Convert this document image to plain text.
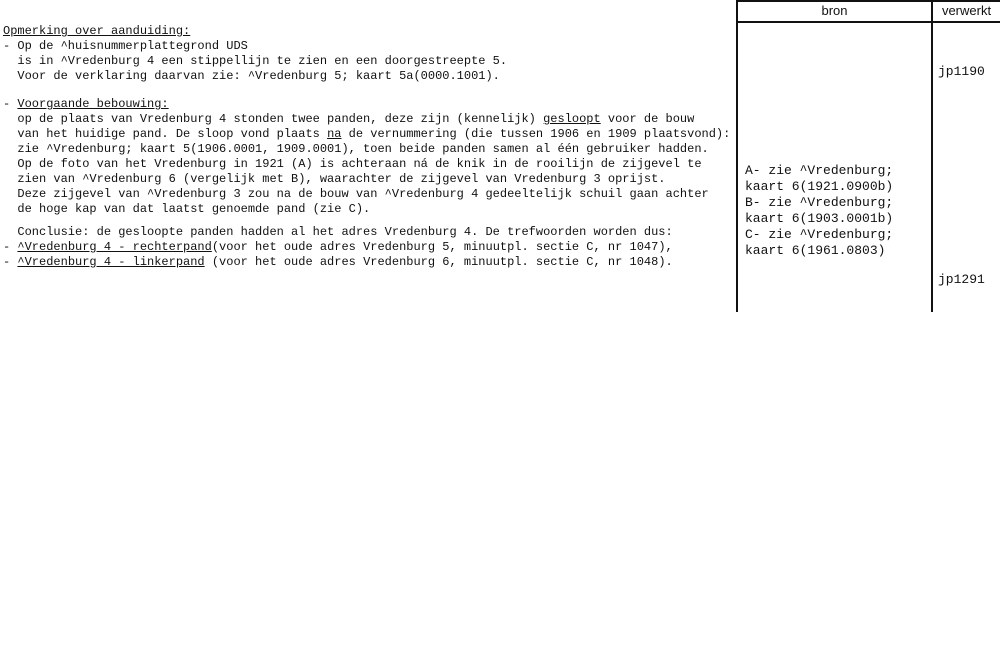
bron	verwerkt
Opmerking over aanduiding:
- Op de ^huisnummerplattegrond UDS
is in ^Vredenburg 4 een stippellijn te zien en een doorgestreepte 5.
Voor de verklaring daarvan zie: ^Vredenburg 5; kaart 5a(0000.1001).
- Voorgaande bebouwing:
op de plaats van Vredenburg 4 stonden twee panden, deze zijn (kennelijk) gesloopt voor de bouw
van het huidige pand. De sloop vond plaats na de vernummering (die tussen 1906 en 1909 plaatsvond):
zie ^Vredenburg; kaart 5(1906.0001, 1909.0001), toen beide panden samen al één gebruiker hadden.
Op de foto van het Vredenburg in 1921 (A) is achteraan ná de knik in de rooilijn de zijgevel te
zien van ^Vredenburg 6 (vergelijk met B), waarachter de zijgevel van Vredenburg 3 oprijst.
Deze zijgevel van ^Vredenburg 3 zou na de bouw van ^Vredenburg 4 gedeeltelijk schuil gaan achter
de hoge kap van dat laatst genoemde pand (zie C).
Conclusie: de gesloopte panden hadden al het adres Vredenburg 4. De trefwoorden worden dus:
- ^Vredenburg 4 - rechterpand(voor het oude adres Vredenburg 5, minuutpl. sectie C, nr 1047),
- ^Vredenburg 4 - linkerpand (voor het oude adres Vredenburg 6, minuutpl. sectie C, nr 1048).
A- zie ^Vredenburg;
kaart 6(1921.0900b)
B- zie ^Vredenburg;
kaart 6(1903.0001b)
C- zie ^Vredenburg;
kaart 6(1961.0803)
jp1190
jp1291
